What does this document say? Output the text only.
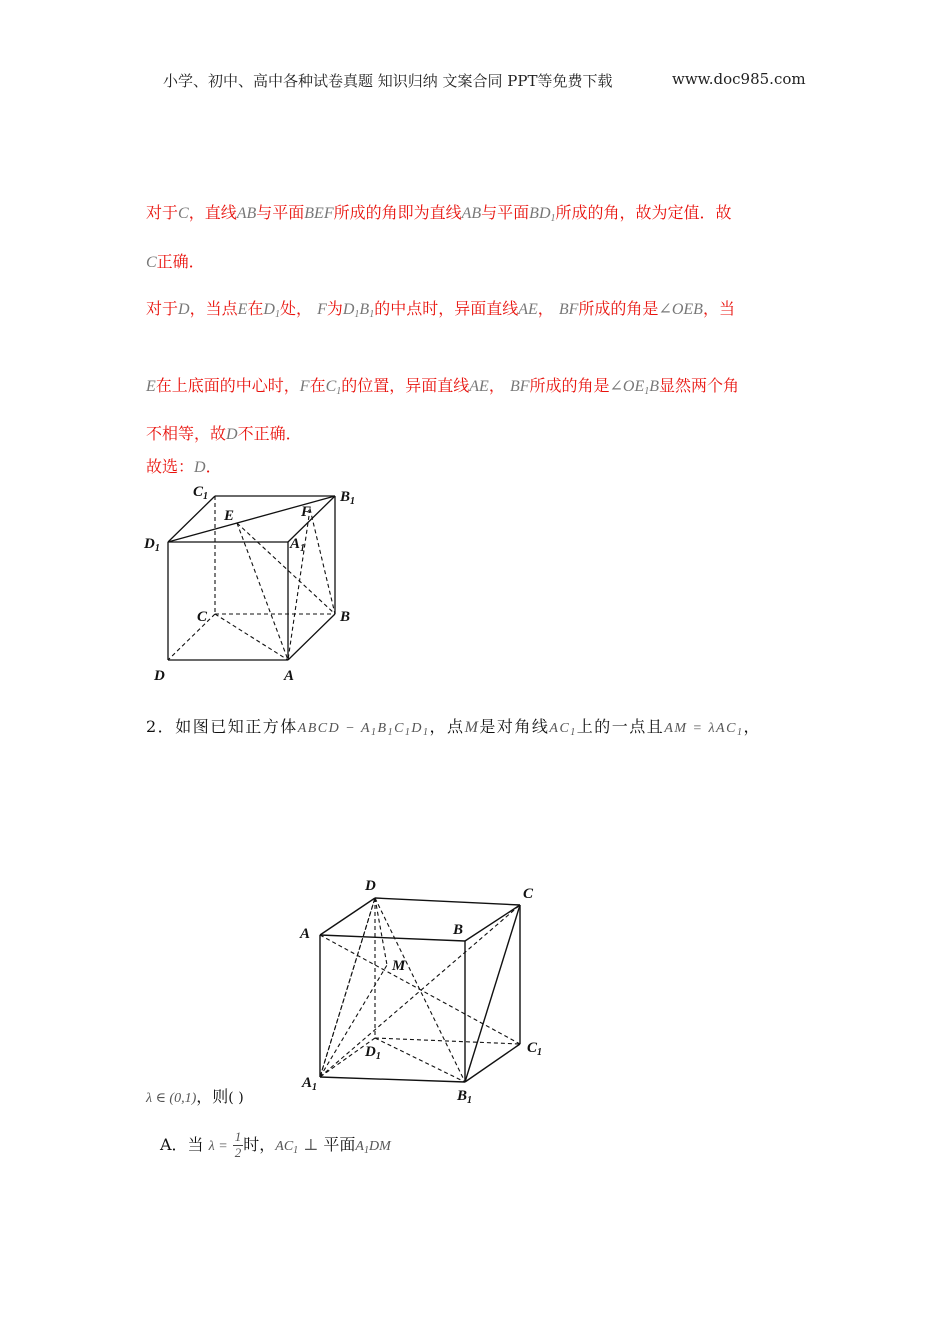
小学、初中、高中各种试卷真题 知识归纳 文案合同 PPT等免费下载	www.doc985.com
对于C，直线AB与平面BEF所成的角即为直线AB与平面$BD_1$所成的角，故为定值．故
C正确．
对于D，当点E在$D_1$处， F为$D_1B_1$的中点时，异面直线AE， BF所成的角是∠OEB，当
E在上底面的中心时，F在$C_1$的位置，异面直线AE， BF所成的角是$\angle OE_1B$显然两个角
不相等，故D不正确．
故选：D．
$C_1$	$B_1$
E	F
$D_1$	$A_1$
C	B
D	A
2．如图已知正方体ABCD − $A_1B_1C_1D_1$，点M是对角线$AC_1$上的一点且AM = λAC$_1$，
D	C
A	B
M
$D_1$
$C_1$
$A_1$
$B_1$
λ ∈ (0,1)，则( )
A．当 $\lambda = \frac{1}{2}$时，$AC_1$ ⊥ 平面$A_1DM$
